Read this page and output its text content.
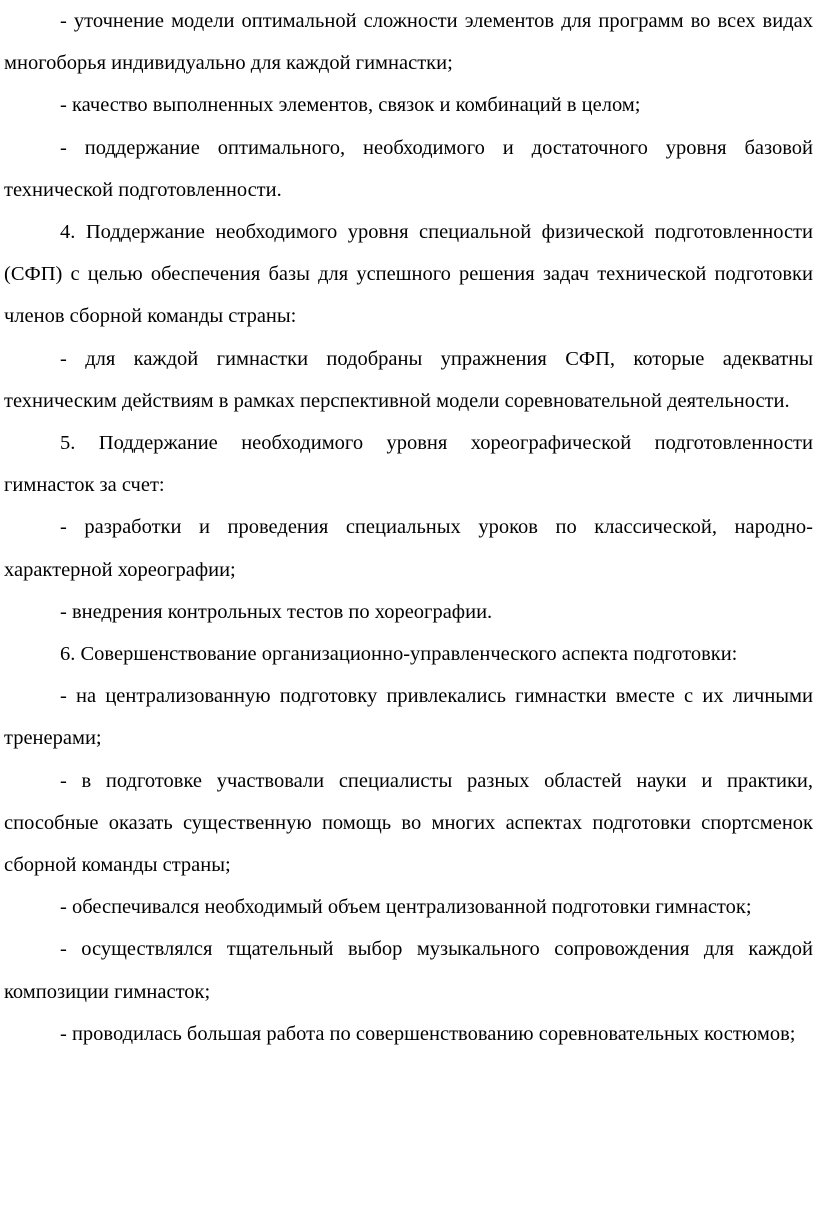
- уточнение модели оптимальной сложности элементов для программ во всех видах многоборья индивидуально для каждой гимнастки;

- качество выполненных элементов, связок и комбинаций в целом;

- поддержание оптимального, необходимого и достаточного уровня базовой технической подготовленности.

4. Поддержание необходимого уровня специальной физической подготовленности (СФП) с целью обеспечения базы для успешного решения задач технической подготовки членов сборной команды страны:

- для каждой гимнастки подобраны упражнения СФП, которые адекватны техническим действиям в рамках перспективной модели соревновательной деятельности.

5. Поддержание необходимого уровня хореографической подготовленности гимнасток за счет:

- разработки и проведения специальных уроков по классической, народно-характерной хореографии;

- внедрения контрольных тестов по хореографии.

6. Совершенствование организационно-управленческого аспекта подготовки:

- на централизованную подготовку привлекались гимнастки вместе с их личными тренерами;

- в подготовке участвовали специалисты разных областей науки и практики, способные оказать существенную помощь во многих аспектах подготовки спортсменок сборной команды страны;

- обеспечивался необходимый объем централизованной подготовки гимнасток;

- осуществлялся тщательный выбор музыкального сопровождения для каждой композиции гимнасток;

- проводилась большая работа по совершенствованию соревновательных костюмов;
